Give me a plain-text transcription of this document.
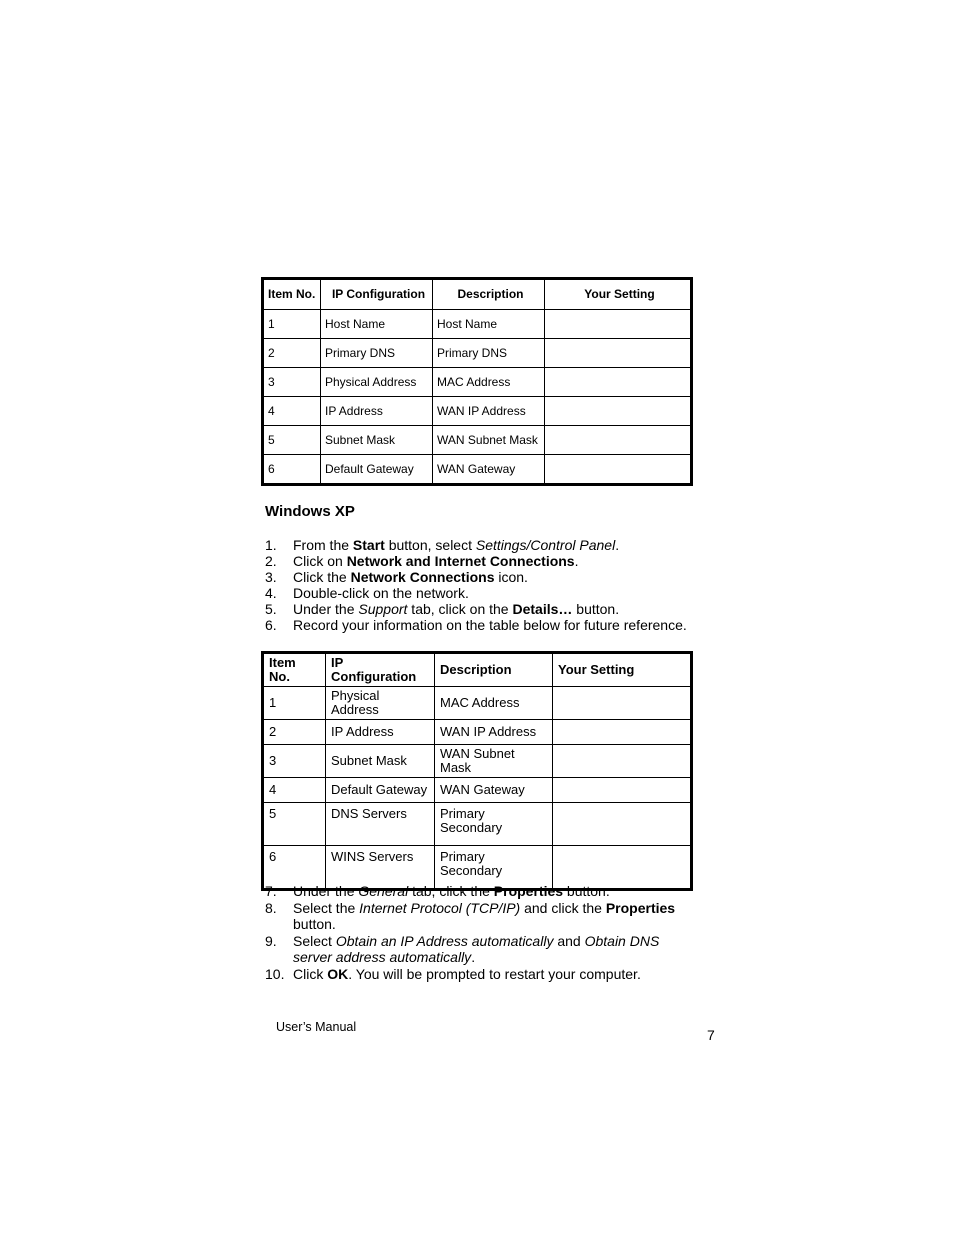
Item No.	IP Configuration	Description	Your Setting
1	Host Name	Host Name	
2	Primary DNS	Primary DNS	
3	Physical Address	MAC Address	
4	IP Address	WAN IP Address	
5	Subnet Mask	WAN Subnet Mask	
6	Default Gateway	WAN Gateway	
Windows XP
1. From the Start button, select Settings/Control Panel.
2. Click on Network and Internet Connections.
3. Click the Network Connections icon.
4. Double-click on the network.
5. Under the Support tab, click on the Details… button.
6. Record your information on the table below for future reference.
Item No.	IP Configuration	Description	Your Setting
1	Physical Address	MAC Address	
2	IP Address	WAN IP Address	
3	Subnet Mask	WAN Subnet Mask	
4	Default Gateway	WAN Gateway	
5	DNS Servers	Primary
Secondary	
6	WINS Servers	Primary
Secondary	
7. Under the General tab, click the Properties button.
8. Select the Internet Protocol (TCP/IP) and click the Properties button.
9. Select Obtain an IP Address automatically and Obtain DNS server address automatically.
10. Click OK. You will be prompted to restart your computer.
User’s Manual	7
